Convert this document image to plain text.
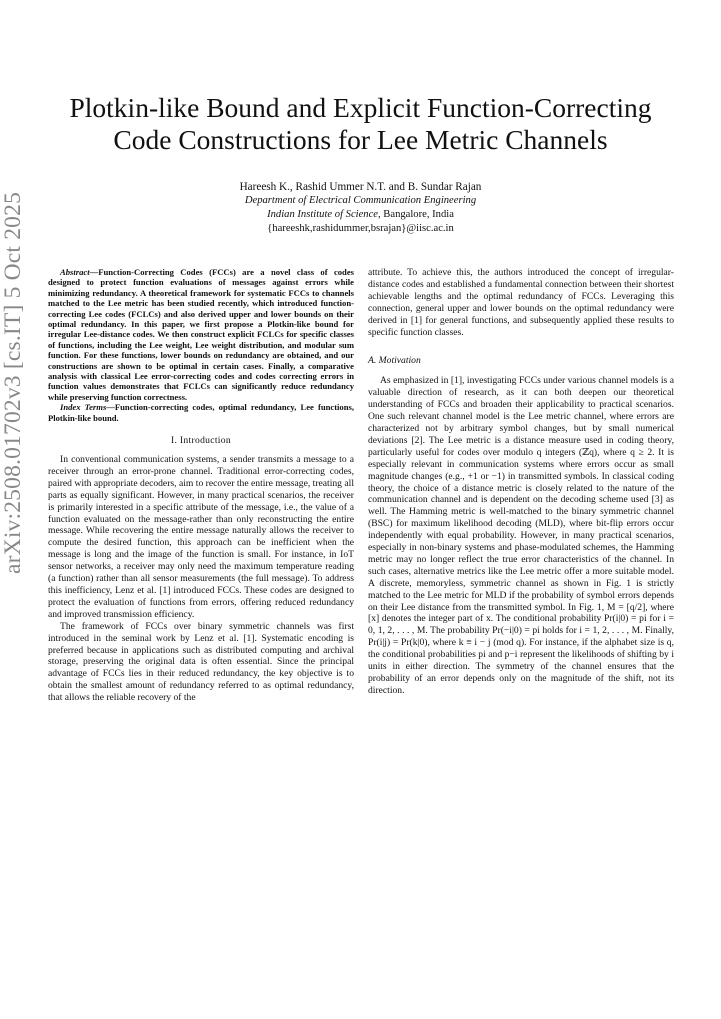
arXiv:2508.01702v3 [cs.IT] 5 Oct 2025
Plotkin-like Bound and Explicit Function-Correcting
Code Constructions for Lee Metric Channels
Hareesh K., Rashid Ummer N.T. and B. Sundar Rajan
Department of Electrical Communication Engineering
Indian Institute of Science, Bangalore, India
{hareeshk,rashidummer,bsrajan}@iisc.ac.in

Abstract—Function-Correcting Codes (FCCs) are a novel class of codes designed to protect function evaluations of messages against errors while minimizing redundancy. A theoretical framework for systematic FCCs to channels matched to the Lee metric has been studied recently, which introduced function-correcting Lee codes (FCLCs) and also derived upper and lower bounds on their optimal redundancy. In this paper, we first propose a Plotkin-like bound for irregular Lee-distance codes. We then construct explicit FCLCs for specific classes of functions, including the Lee weight, Lee weight distribution, and modular sum function. For these functions, lower bounds on redundancy are obtained, and our constructions are shown to be optimal in certain cases. Finally, a comparative analysis with classical Lee error-correcting codes and codes correcting errors in function values demonstrates that FCLCs can significantly reduce redundancy while preserving function correctness.

Index Terms—Function-correcting codes, optimal redundancy, Lee functions, Plotkin-like bound.

I. Introduction

In conventional communication systems, a sender transmits a message to a receiver through an error-prone channel. Traditional error-correcting codes, paired with appropriate decoders, aim to recover the entire message, treating all parts as equally significant. However, in many practical scenarios, the receiver is primarily interested in a specific attribute of the message, i.e., the value of a function evaluated on the message-rather than only reconstructing the entire message. While recovering the entire message naturally allows the receiver to compute the desired function, this approach can be inefficient when the message is long and the image of the function is small. For instance, in IoT sensor networks, a receiver may only need the maximum temperature reading (a function) rather than all sensor measurements (the full message). To address this inefficiency, Lenz et al. [1] introduced FCCs. These codes are designed to protect the evaluation of functions from errors, offering reduced redundancy and improved transmission efficiency.

The framework of FCCs over binary symmetric channels was first introduced in the seminal work by Lenz et al. [1]. Systematic encoding is preferred because in applications such as distributed computing and archival storage, preserving the original data is often essential. Since the principal advantage of FCCs lies in their reduced redundancy, the key objective is to obtain the smallest amount of redundancy referred to as optimal redundancy, that allows the reliable recovery of the

attribute. To achieve this, the authors introduced the concept of irregular-distance codes and established a fundamental connection between their shortest achievable lengths and the optimal redundancy of FCCs. Leveraging this connection, general upper and lower bounds on the optimal redundancy were derived in [1] for general functions, and subsequently applied these results to specific function classes.

A. Motivation

As emphasized in [1], investigating FCCs under various channel models is a valuable direction of research, as it can both deepen our theoretical understanding of FCCs and broaden their applicability to practical scenarios. One such relevant channel model is the Lee metric channel, where errors are characterized not by arbitrary symbol changes, but by small numerical deviations [2]. The Lee metric is a distance measure used in coding theory, particularly useful for codes over modulo q integers (ℤq), where q ≥ 2. It is especially relevant in communication systems where errors occur as small magnitude changes (e.g., +1 or −1) in transmitted symbols. In classical coding theory, the choice of a distance metric is closely related to the nature of the communication channel and is dependent on the decoding scheme used [3] as well. The Hamming metric is well-matched to the binary symmetric channel (BSC) for maximum likelihood decoding (MLD), where bit-flip errors occur independently with equal probability. However, in many practical scenarios, especially in non-binary systems and phase-modulated schemes, the Hamming metric may no longer reflect the true error characteristics of the channel. In such cases, alternative metrics like the Lee metric offer a more suitable model. A discrete, memoryless, symmetric channel as shown in Fig. 1 is strictly matched to the Lee metric for MLD if the probability of symbol errors depends on their Lee distance from the transmitted symbol. In Fig. 1, M = [q/2], where [x] denotes the integer part of x. The conditional probability Pr(i|0) = pi for i = 0, 1, 2, . . . , M. The probability Pr(−i|0) = pi holds for i = 1, 2, . . . , M. Finally, Pr(i|j) = Pr(k|0), where k ≡ i − j (mod q). For instance, if the alphabet size is q, the conditional probabilities pi and p−i represent the likelihoods of shifting by i units in either direction. The symmetry of the channel ensures that the probability of an error depends only on the magnitude of the shift, not its direction.
